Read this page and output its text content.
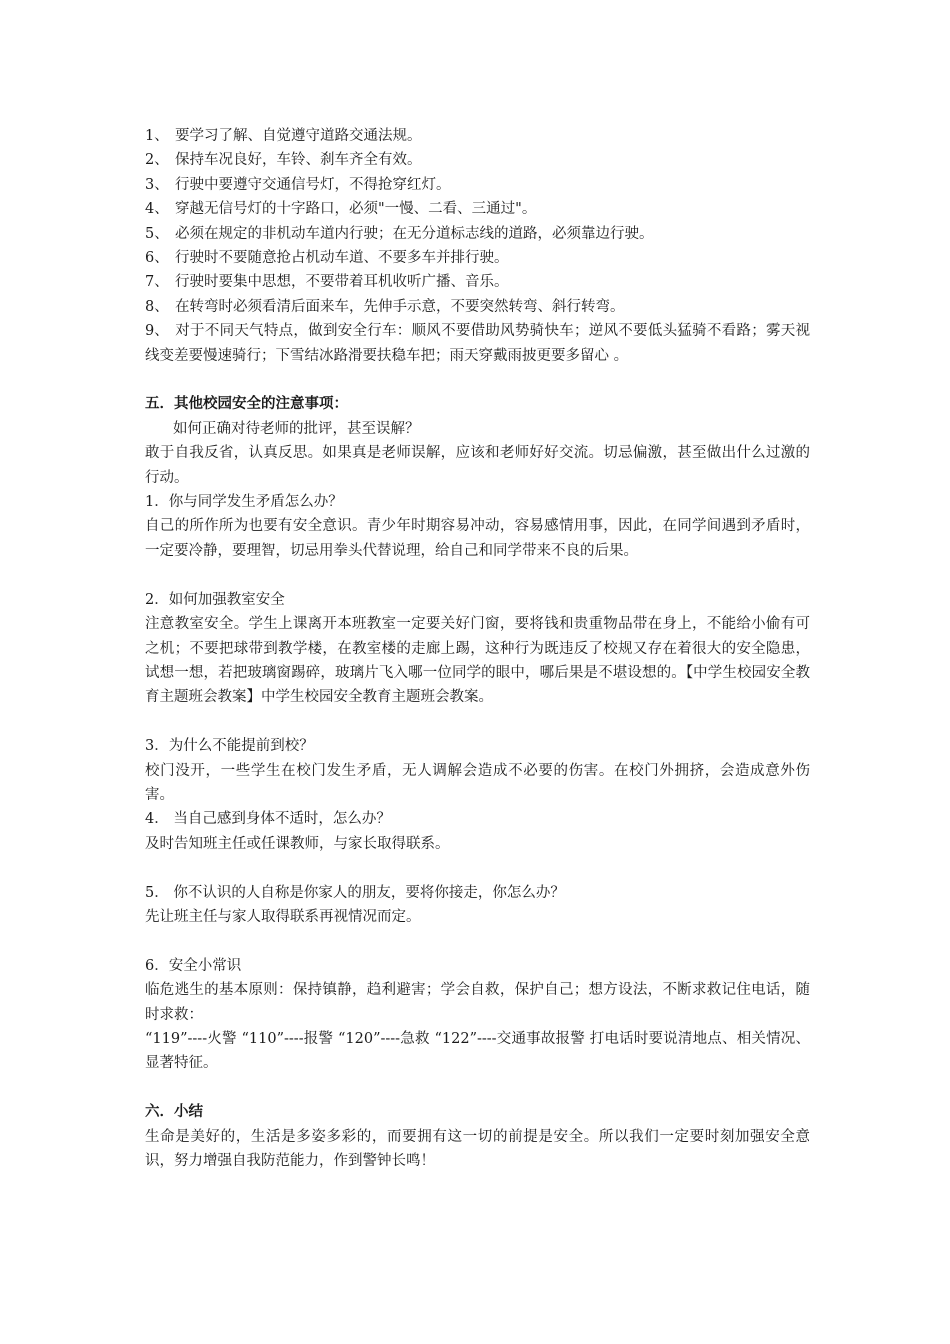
1、 要学习了解、自觉遵守道路交通法规。
2、 保持车况良好，车铃、刹车齐全有效。
3、 行驶中要遵守交通信号灯，不得抢穿红灯。
4、 穿越无信号灯的十字路口，必须"一慢、二看、三通过"。
5、 必须在规定的非机动车道内行驶；在无分道标志线的道路，必须靠边行驶。
6、 行驶时不要随意抢占机动车道、不要多车并排行驶。
7、 行驶时要集中思想，不要带着耳机收听广播、音乐。
8、 在转弯时必须看清后面来车，先伸手示意，不要突然转弯、斜行转弯。
9、 对于不同天气特点，做到安全行车：顺风不要借助风势骑快车；逆风不要低头猛骑不看路；雾天视线变差要慢速骑行；下雪结冰路滑要扶稳车把；雨天穿戴雨披更要多留心 。
五．其他校园安全的注意事项：
如何正确对待老师的批评，甚至误解？
敢于自我反省，认真反思。如果真是老师误解，应该和老师好好交流。切忌偏激，甚至做出什么过激的行动。
1．你与同学发生矛盾怎么办？
自己的所作所为也要有安全意识。青少年时期容易冲动，容易感情用事，因此，在同学间遇到矛盾时，一定要冷静，要理智，切忌用拳头代替说理，给自己和同学带来不良的后果。
2．如何加强教室安全
注意教室安全。学生上课离开本班教室一定要关好门窗，要将钱和贵重物品带在身上，不能给小偷有可之机；不要把球带到教学楼，在教室楼的走廊上踢，这种行为既违反了校规又存在着很大的安全隐患，试想一想，若把玻璃窗踢碎，玻璃片飞入哪一位同学的眼中，哪后果是不堪设想的。【中学生校园安全教育主题班会教案】中学生校园安全教育主题班会教案。
3．为什么不能提前到校？
校门没开，一些学生在校门发生矛盾，无人调解会造成不必要的伤害。在校门外拥挤，会造成意外伤害。
4． 当自己感到身体不适时，怎么办？
及时告知班主任或任课教师，与家长取得联系。
5． 你不认识的人自称是你家人的朋友，要将你接走，你怎么办？
先让班主任与家人取得联系再视情况而定。
6．安全小常识
临危逃生的基本原则：保持镇静，趋利避害；学会自救，保护自己；想方设法，不断求救记住电话，随时求救：
“119”----火警 “110”----报警 “120”----急救 “122”----交通事故报警 打电话时要说清地点、相关情况、显著特征。
六．小结
生命是美好的，生活是多姿多彩的，而要拥有这一切的前提是安全。所以我们一定要时刻加强安全意识，努力增强自我防范能力，作到警钟长鸣！
